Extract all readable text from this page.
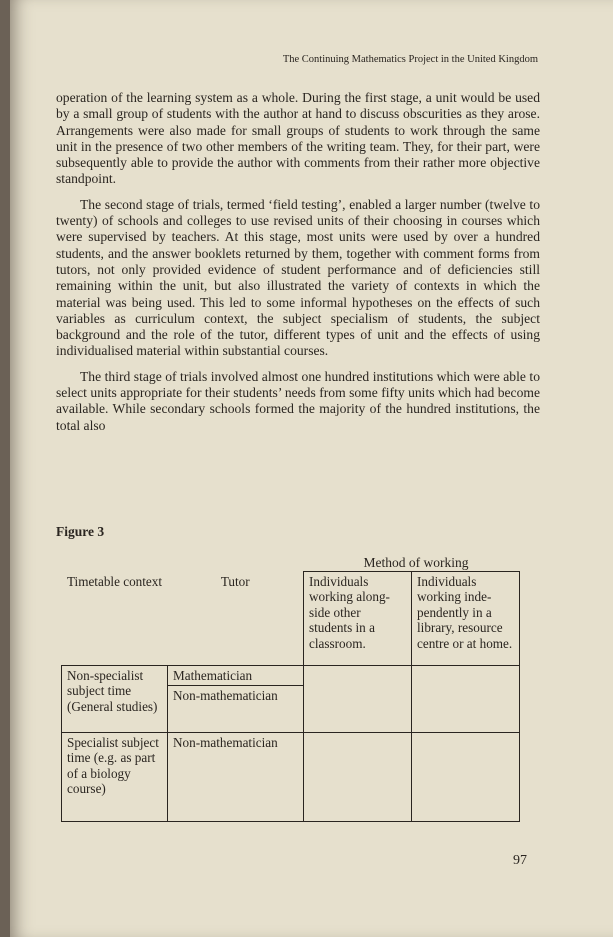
The Continuing Mathematics Project in the United Kingdom

operation of the learning system as a whole. During the first stage, a unit would be used by a small group of students with the author at hand to discuss obscurities as they arose. Arrangements were also made for small groups of students to work through the same unit in the presence of two other members of the writing team. They, for their part, were subsequently able to provide the author with comments from their rather more objective standpoint.

The second stage of trials, termed ‘field testing’, enabled a larger number (twelve to twenty) of schools and colleges to use revised units of their choosing in courses which were supervised by teachers. At this stage, most units were used by over a hundred students, and the answer booklets returned by them, together with comment forms from tutors, not only provided evidence of student performance and of deficiencies still remaining within the unit, but also illustrated the variety of contexts in which the material was being used. This led to some informal hypotheses on the effects of such variables as curriculum context, the subject specialism of students, the subject background and the role of the tutor, different types of unit and the effects of using individualised material within substantial courses.

The third stage of trials involved almost one hundred institutions which were able to select units appropriate for their students’ needs from some fifty units which had become available. While secondary schools formed the majority of the hundred institutions, the total also

Figure 3
Method of working
Timetable context	Tutor	Individuals working along-side other students in a classroom.	Individuals working inde-pendently in a library, resource centre or at home.
Non-specialist subject time (General studies)	Mathematician
Non-mathematician		
Specialist subject time (e.g. as part of a biology course)	Non-mathematician		
97
